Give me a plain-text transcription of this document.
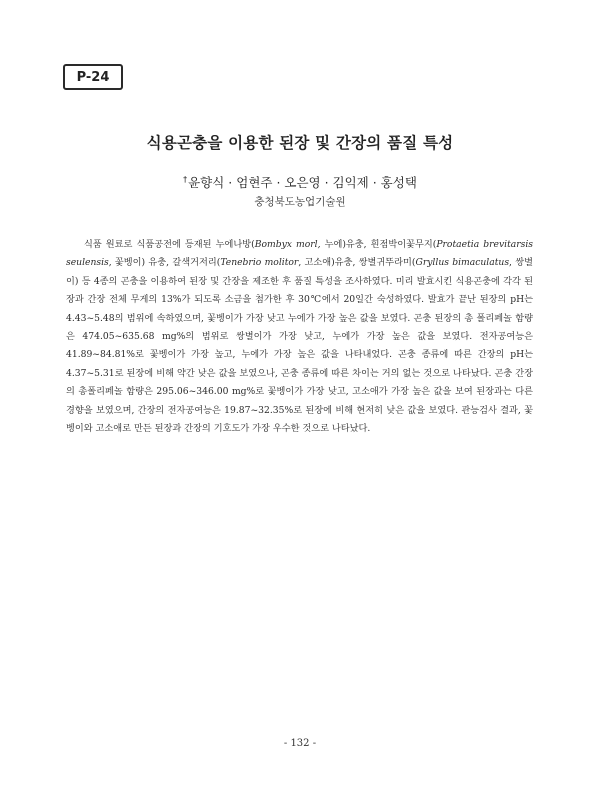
P-24
식용곤충을 이용한 된장 및 간장의 품질 특성
†윤향식 · 엄현주 · 오은영 · 김익제 · 홍성택
충청북도농업기술원

식품 원료로 식품공전에 등재된 누에나방(Bombyx morl, 누에)유충, 흰점박이꽃무지(Protaetia brevitarsis seulensis, 꽃벵이) 유충, 갈색거저리(Tenebrio molitor, 고소애)유충, 쌍별귀뚜라미(Gryllus bimaculatus, 쌍별이) 등 4종의 곤충을 이용하여 된장 및 간장을 제조한 후 품질 특성을 조사하였다. 미리 발효시킨 식용곤충에 각각 된장과 간장 전체 무게의 13%가 되도록 소금을 첨가한 후 30℃에서 20일간 숙성하였다. 발효가 끝난 된장의 pH는 4.43~5.48의 범위에 속하였으며, 꽃벵이가 가장 낮고 누에가 가장 높은 값을 보였다. 곤충 된장의 총 폴리페놀 함량은 474.05~635.68 mg%의 범위로 쌍별이가 가장 낮고, 누에가 가장 높은 값을 보였다. 전자공여능은 41.89~84.81%로 꽃벵이가 가장 높고, 누에가 가장 높은 값을 나타내었다. 곤충 종류에 따른 간장의 pH는 4.37~5.31로 된장에 비해 약간 낮은 값을 보였으나, 곤충 종류에 따른 차이는 거의 없는 것으로 나타났다. 곤충 간장의 총폴리페놀 함량은 295.06~346.00 mg%로 꽃벵이가 가장 낮고, 고소애가 가장 높은 값을 보여 된장과는 다른 경향을 보였으며, 간장의 전자공여능은 19.87~32.35%로 된장에 비해 현저히 낮은 값을 보였다. 관능검사 결과, 꽃벵이와 고소애로 만든 된장과 간장의 기호도가 가장 우수한 것으로 나타났다.

- 132 -
